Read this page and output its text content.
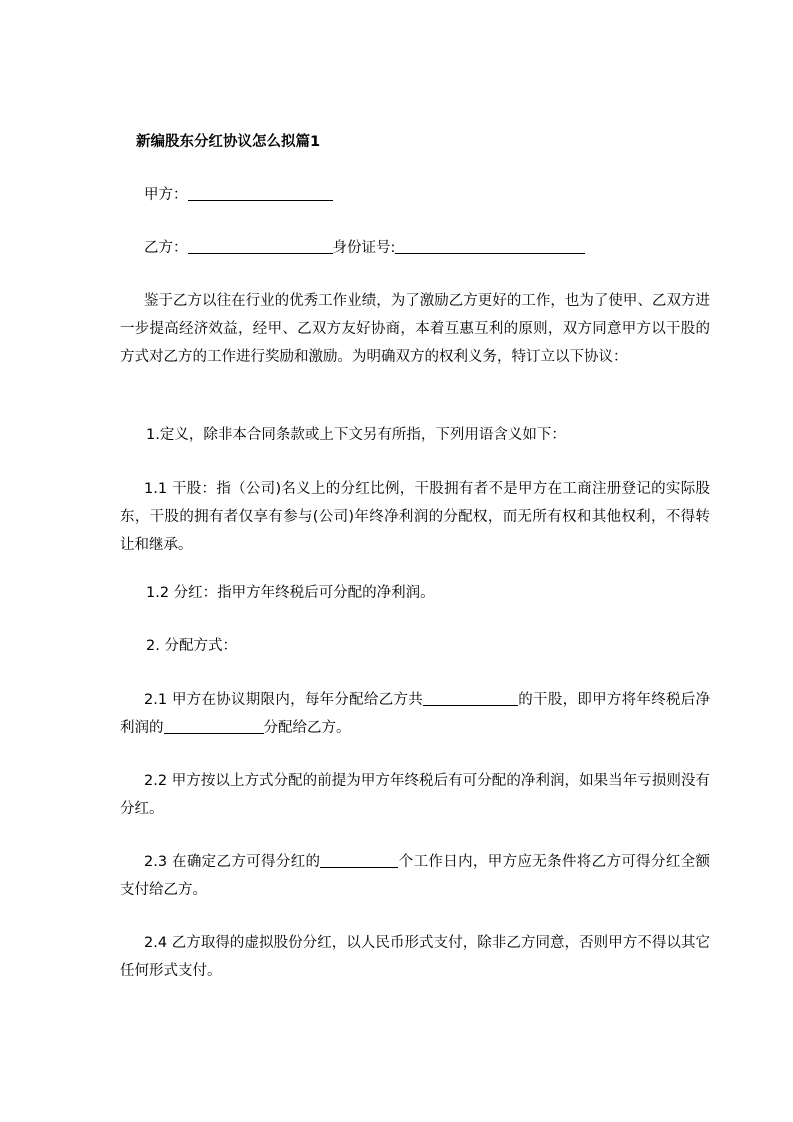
新编股东分红协议怎么拟篇1
甲方：
乙方：	身份证号:
鉴于乙方以往在行业的优秀工作业绩，为了激励乙方更好的工作，也为了使甲、乙双方进一步提高经济效益，经甲、乙双方友好协商，本着互惠互利的原则，双方同意甲方以干股的方式对乙方的工作进行奖励和激励。为明确双方的权利义务，特订立以下协议：
1.定义，除非本合同条款或上下文另有所指，下列用语含义如下：
1.1 干股：指（公司)名义上的分红比例，干股拥有者不是甲方在工商注册登记的实际股东，干股的拥有者仅享有参与(公司)年终净利润的分配权，而无所有权和其他权利，不得转让和继承。
1.2 分红：指甲方年终税后可分配的净利润。
2. 分配方式：
2.1 甲方在协议期限内，每年分配给乙方共	的干股，即甲方将年终税后净利润的	分配给乙方。
2.2 甲方按以上方式分配的前提为甲方年终税后有可分配的净利润，如果当年亏损则没有分红。
2.3 在确定乙方可得分红的	个工作日内，甲方应无条件将乙方可得分红全额支付给乙方。
2.4 乙方取得的虚拟股份分红，以人民币形式支付，除非乙方同意，否则甲方不得以其它任何形式支付。
